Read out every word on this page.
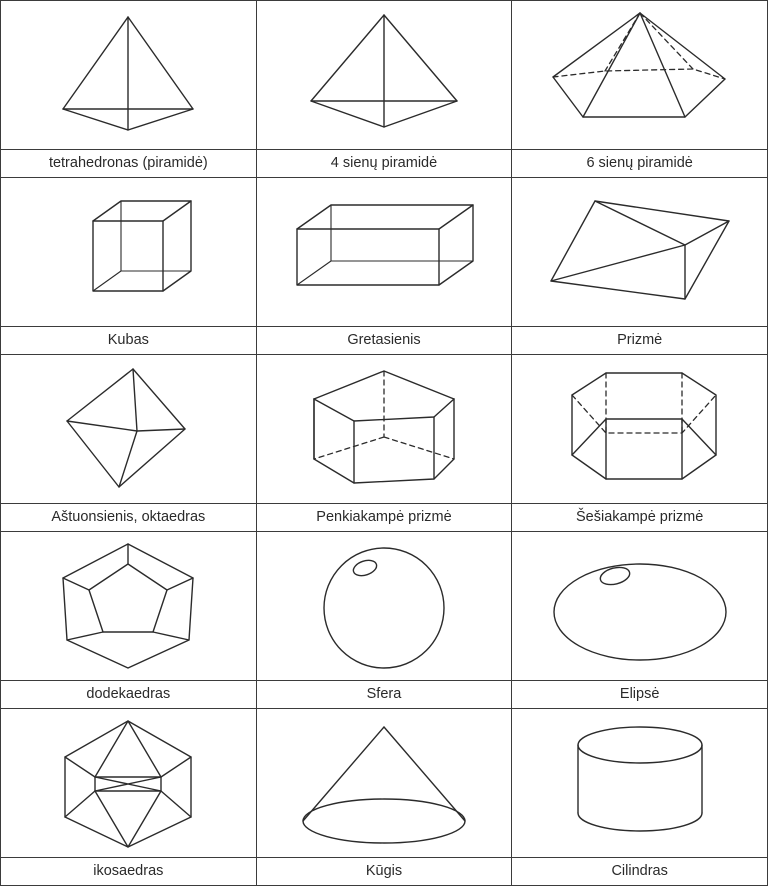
tetrahedronas (piramidė)	4 sienų piramidė	6 sienų piramidė

Kubas	Gretasienis	Prizmė

Aštuonsienis, oktaedras	Penkiakampė prizmė	Šešiakampė prizmė

dodekaedras	Sfera	Elipsė

ikosaedras	Kūgis	Cilindras
